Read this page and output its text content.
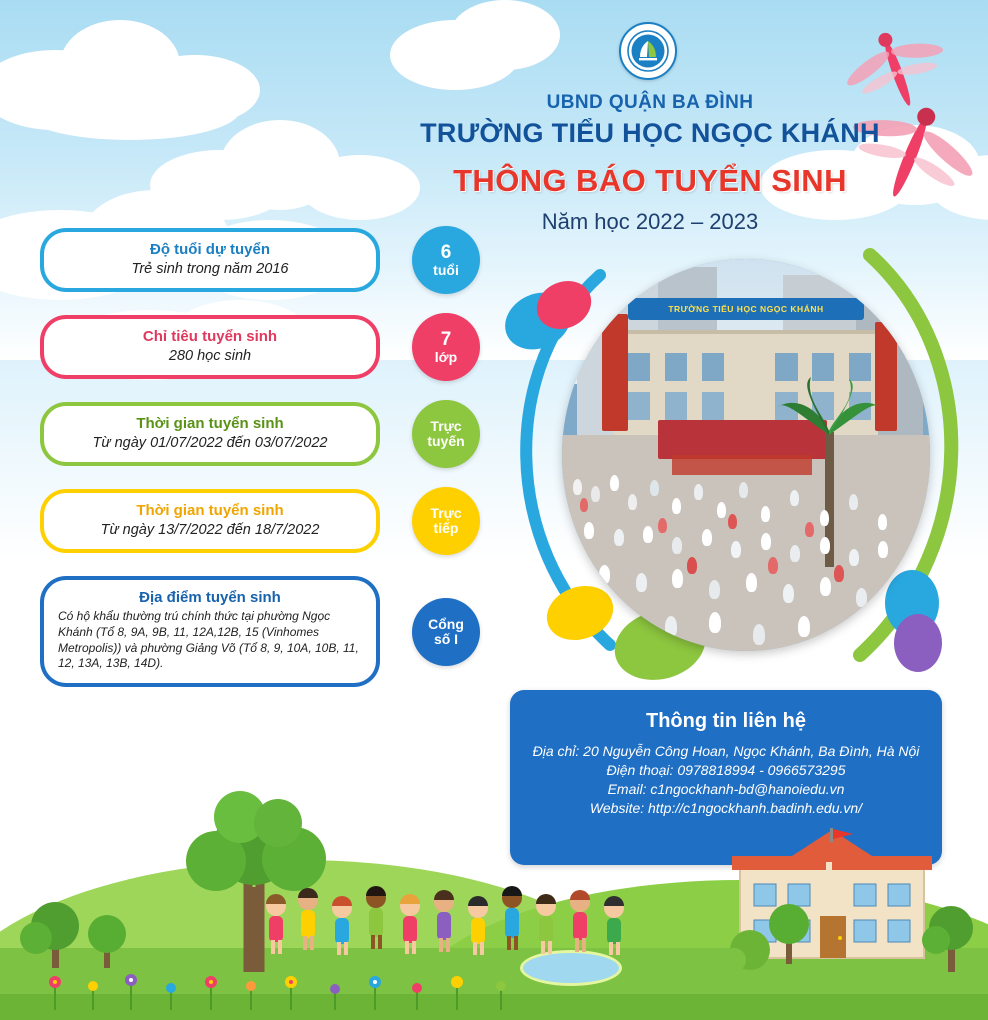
UBND QUẬN BA ĐÌNH
TRƯỜNG TIỂU HỌC NGỌC KHÁNH
THÔNG BÁO TUYỂN SINH
Năm học 2022 – 2023
Độ tuổi dự tuyển
Trẻ sinh trong năm 2016
6
tuổi
Chỉ tiêu tuyển sinh
280 học sinh
7
lớp
Thời gian tuyển sinh
Từ ngày 01/07/2022 đến 03/07/2022
Trực
tuyến
Thời gian tuyển sinh
Từ ngày 13/7/2022 đến 18/7/2022
Trực
tiếp
Địa điểm tuyển sinh
Có hộ khẩu thường trú chính thức tại phường Ngọc Khánh (Tổ 8, 9A, 9B, 11, 12A,12B, 15 (Vinhomes Metropolis)) và phường Giảng Võ (Tổ 8, 9, 10A, 10B, 11, 12, 13A, 13B, 14D).
Cổng
số I
TRƯỜNG TIỂU HỌC NGỌC KHÁNH
Thông tin liên hệ

Địa chỉ: 20 Nguyễn Công Hoan, Ngọc Khánh, Ba Đình, Hà Nội

Điện thoại: 0978818994 - 0966573295

Email: c1ngockhanh-bd@hanoiedu.vn

Website: http://c1ngockhanh.badinh.edu.vn/
